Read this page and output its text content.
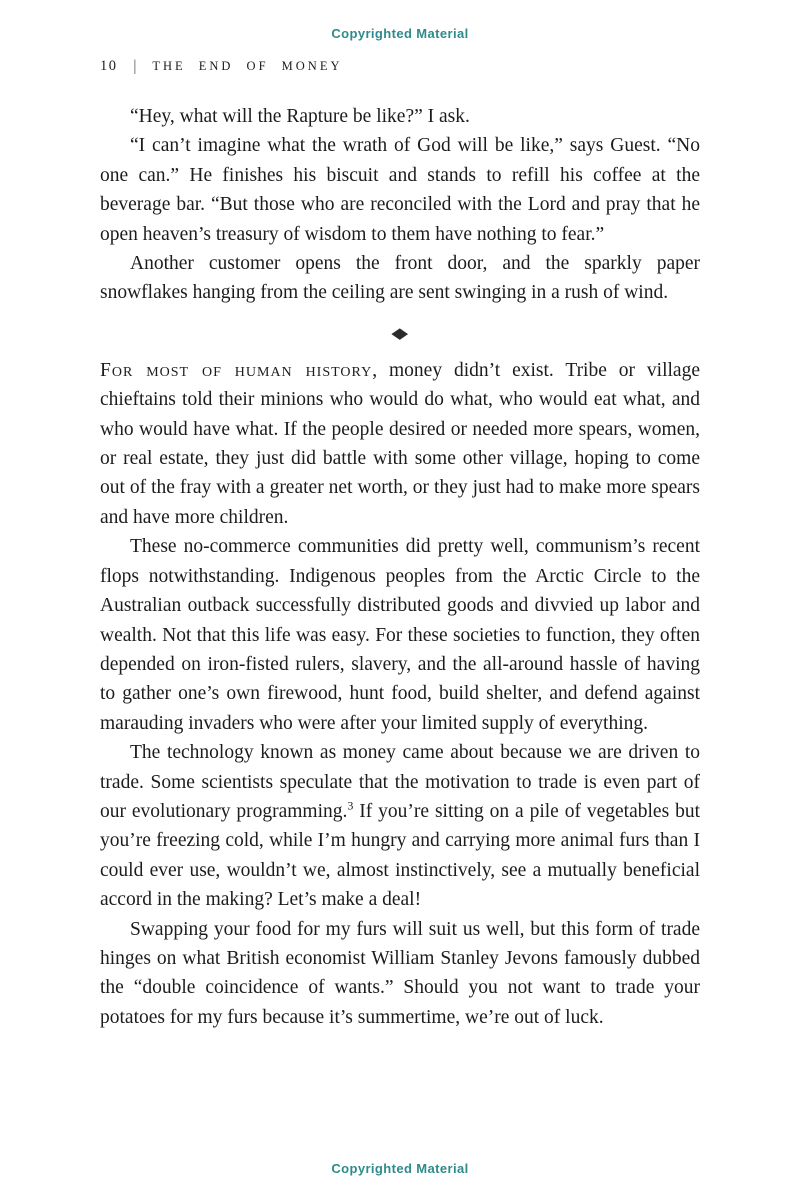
Copyrighted Material
10 | THE END OF MONEY

“Hey, what will the Rapture be like?” I ask.

“I can’t imagine what the wrath of God will be like,” says Guest. “No one can.” He finishes his biscuit and stands to refill his coffee at the beverage bar. “But those who are reconciled with the Lord and pray that he open heaven’s treasury of wisdom to them have nothing to fear.”

Another customer opens the front door, and the sparkly paper snowflakes hanging from the ceiling are sent swinging in a rush of wind.

◆

For most of human history, money didn’t exist. Tribe or village chieftains told their minions who would do what, who would eat what, and who would have what. If the people desired or needed more spears, women, or real estate, they just did battle with some other village, hoping to come out of the fray with a greater net worth, or they just had to make more spears and have more children.

These no-commerce communities did pretty well, communism’s recent flops notwithstanding. Indigenous peoples from the Arctic Circle to the Australian outback successfully distributed goods and divvied up labor and wealth. Not that this life was easy. For these societies to function, they often depended on iron-fisted rulers, slavery, and the all-around hassle of having to gather one’s own firewood, hunt food, build shelter, and defend against marauding invaders who were after your limited supply of everything.

The technology known as money came about because we are driven to trade. Some scientists speculate that the motivation to trade is even part of our evolutionary programming.$^3$ If you’re sitting on a pile of vegetables but you’re freezing cold, while I’m hungry and carrying more animal furs than I could ever use, wouldn’t we, almost instinctively, see a mutually beneficial accord in the making? Let’s make a deal!

Swapping your food for my furs will suit us well, but this form of trade hinges on what British economist William Stanley Jevons famously dubbed the “double coincidence of wants.” Should you not want to trade your potatoes for my furs because it’s summertime, we’re out of luck.

Copyrighted Material
